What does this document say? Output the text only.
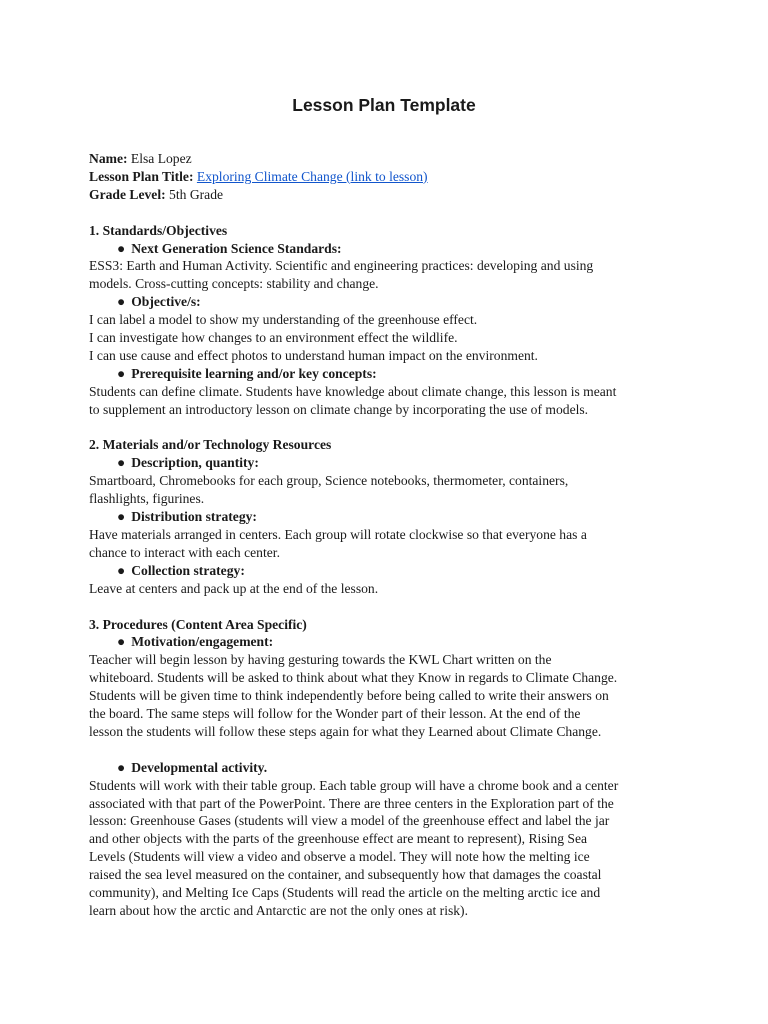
Lesson Plan Template
Name: Elsa Lopez
Lesson Plan Title: Exploring Climate Change (link to lesson)
Grade Level: 5th Grade
1. Standards/Objectives
● Next Generation Science Standards:
ESS3: Earth and Human Activity. Scientific and engineering practices: developing and using
models. Cross-cutting concepts: stability and change.
● Objective/s:
I can label a model to show my understanding of the greenhouse effect.
I can investigate how changes to an environment effect the wildlife.
I can use cause and effect photos to understand human impact on the environment.
● Prerequisite learning and/or key concepts:
Students can define climate. Students have knowledge about climate change, this lesson is meant
to supplement an introductory lesson on climate change by incorporating the use of models.
2. Materials and/or Technology Resources
● Description, quantity:
Smartboard, Chromebooks for each group, Science notebooks, thermometer, containers,
flashlights, figurines.
● Distribution strategy:
Have materials arranged in centers. Each group will rotate clockwise so that everyone has a
chance to interact with each center.
● Collection strategy:
Leave at centers and pack up at the end of the lesson.
3. Procedures (Content Area Specific)
● Motivation/engagement:
Teacher will begin lesson by having gesturing towards the KWL Chart written on the
whiteboard. Students will be asked to think about what they Know in regards to Climate Change.
Students will be given time to think independently before being called to write their answers on
the board. The same steps will follow for the Wonder part of their lesson. At the end of the
lesson the students will follow these steps again for what they Learned about Climate Change.
● Developmental activity.
Students will work with their table group. Each table group will have a chrome book and a center
associated with that part of the PowerPoint. There are three centers in the Exploration part of the
lesson: Greenhouse Gases (students will view a model of the greenhouse effect and label the jar
and other objects with the parts of the greenhouse effect are meant to represent), Rising Sea
Levels (Students will view a video and observe a model. They will note how the melting ice
raised the sea level measured on the container, and subsequently how that damages the coastal
community), and Melting Ice Caps (Students will read the article on the melting arctic ice and
learn about how the arctic and Antarctic are not the only ones at risk).
